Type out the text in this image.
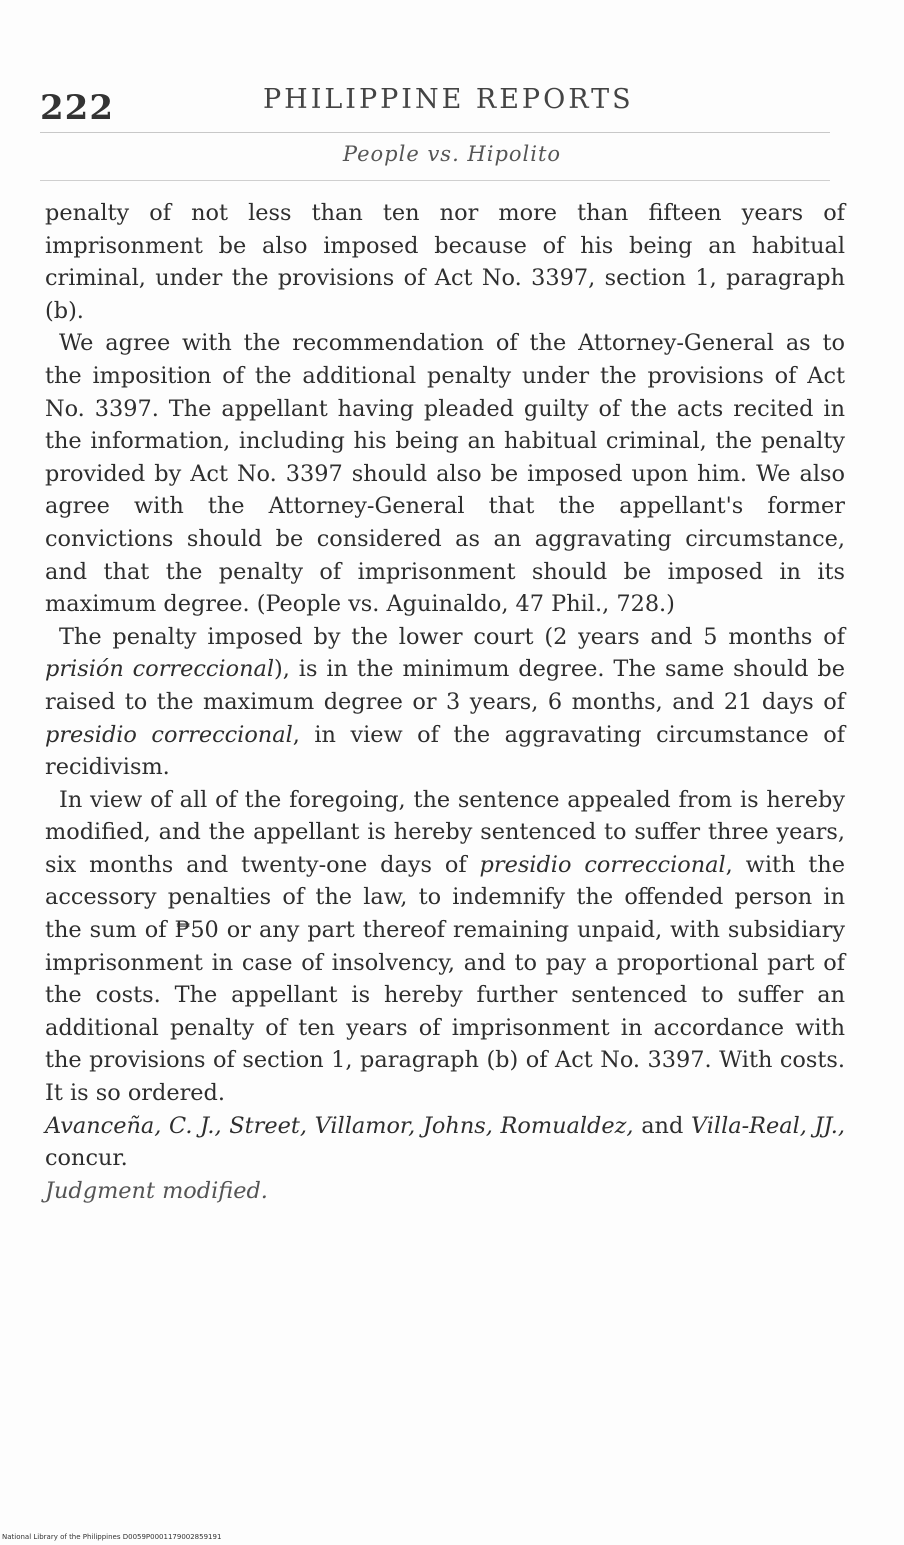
222	PHILIPPINE REPORTS
People vs. Hipolito

penalty of not less than ten nor more than fifteen years of imprisonment be also imposed because of his being an habitual criminal, under the provisions of Act No. 3397, section 1, paragraph (b).

We agree with the recommendation of the Attorney-General as to the imposition of the additional penalty under the provisions of Act No. 3397. The appellant having pleaded guilty of the acts recited in the information, including his being an habitual criminal, the penalty provided by Act No. 3397 should also be imposed upon him. We also agree with the Attorney-General that the appellant's former convictions should be considered as an aggravating circumstance, and that the penalty of imprisonment should be imposed in its maximum degree. (People vs. Aguinaldo, 47 Phil., 728.)

The penalty imposed by the lower court (2 years and 5 months of prisión correccional), is in the minimum degree. The same should be raised to the maximum degree or 3 years, 6 months, and 21 days of presidio correccional, in view of the aggravating circumstance of recidivism.

In view of all of the foregoing, the sentence appealed from is hereby modified, and the appellant is hereby sentenced to suffer three years, six months and twenty-one days of presidio correccional, with the accessory penalties of the law, to indemnify the offended person in the sum of ₱50 or any part thereof remaining unpaid, with subsidiary imprisonment in case of insolvency, and to pay a proportional part of the costs. The appellant is hereby further sentenced to suffer an additional penalty of ten years of imprisonment in accordance with the provisions of section 1, paragraph (b) of Act No. 3397. With costs. It is so ordered.

Avanceña, C. J., Street, Villamor, Johns, Romualdez, and Villa-Real, JJ., concur.

Judgment modified.

National Library of the Philippines D0059P0001179002859191
